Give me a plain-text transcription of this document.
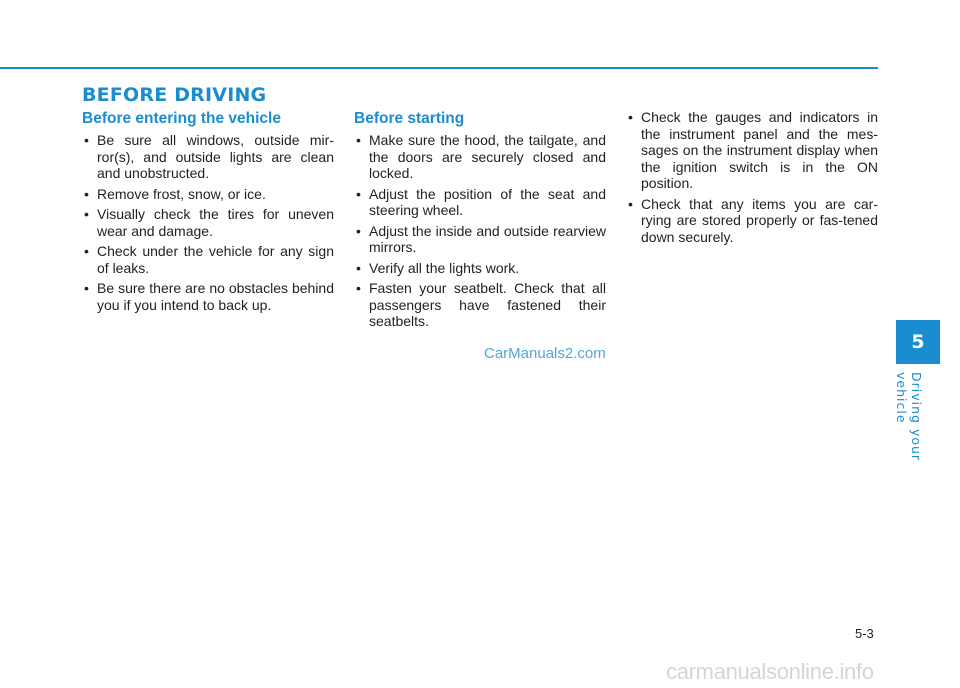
BEFORE DRIVING
Before entering the vehicle
• Be sure all windows, outside mir-ror(s), and outside lights are clean and unobstructed.
• Remove frost, snow, or ice.
• Visually check the tires for uneven wear and damage.
• Check under the vehicle for any sign of leaks.
• Be sure there are no obstacles behind you if you intend to back up.
Before starting
• Make sure the hood, the tailgate, and the doors are securely closed and locked.
• Adjust the position of the seat and steering wheel.
• Adjust the inside and outside rearview mirrors.
• Verify all the lights work.
• Fasten your seatbelt. Check that all passengers have fastened their seatbelts.
• Check the gauges and indicators in the instrument panel and the mes-sages on the instrument display when the ignition switch is in the ON position.
• Check that any items you are car-rying are stored properly or fas-tened down securely.
CarManuals2.com
5
Driving your vehicle
5-3
carmanualsonline.info
